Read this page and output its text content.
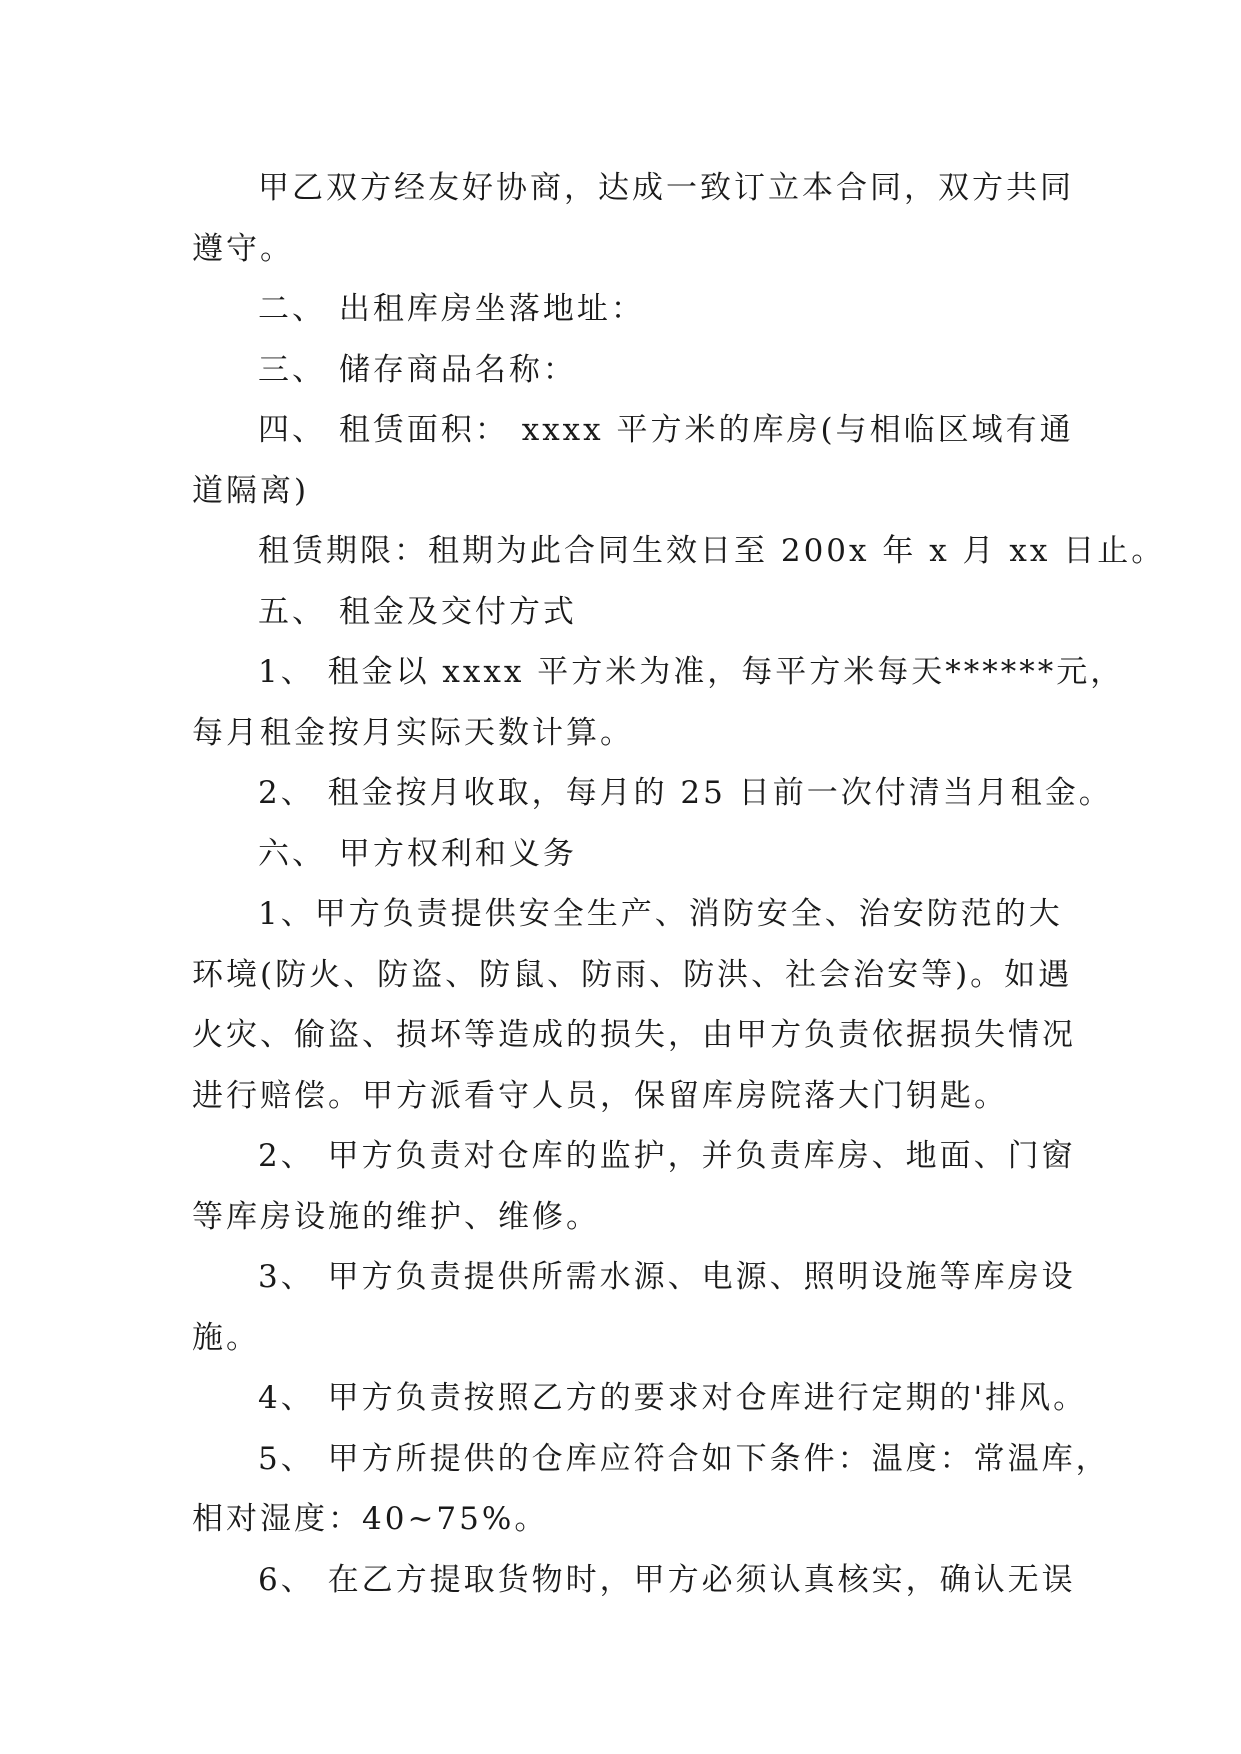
甲乙双方经友好协商，达成一致订立本合同，双方共同
遵守。

二、 出租库房坐落地址：

三、 储存商品名称：

四、 租赁面积： xxxx 平方米的库房(与相临区域有通
道隔离)

租赁期限：租期为此合同生效日至 200x 年 x 月 xx 日止。

五、 租金及交付方式

1、 租金以 xxxx 平方米为准，每平方米每天******元，
每月租金按月实际天数计算。

2、 租金按月收取，每月的 25 日前一次付清当月租金。

六、 甲方权利和义务

1、甲方负责提供安全生产、消防安全、治安防范的大
环境(防火、防盗、防鼠、防雨、防洪、社会治安等)。如遇
火灾、偷盗、损坏等造成的损失，由甲方负责依据损失情况
进行赔偿。甲方派看守人员，保留库房院落大门钥匙。

2、 甲方负责对仓库的监护，并负责库房、地面、门窗
等库房设施的维护、维修。

3、 甲方负责提供所需水源、电源、照明设施等库房设
施。

4、 甲方负责按照乙方的要求对仓库进行定期的'排风。

5、 甲方所提供的仓库应符合如下条件：温度：常温库，
相对湿度：40~75%。

6、 在乙方提取货物时，甲方必须认真核实，确认无误
